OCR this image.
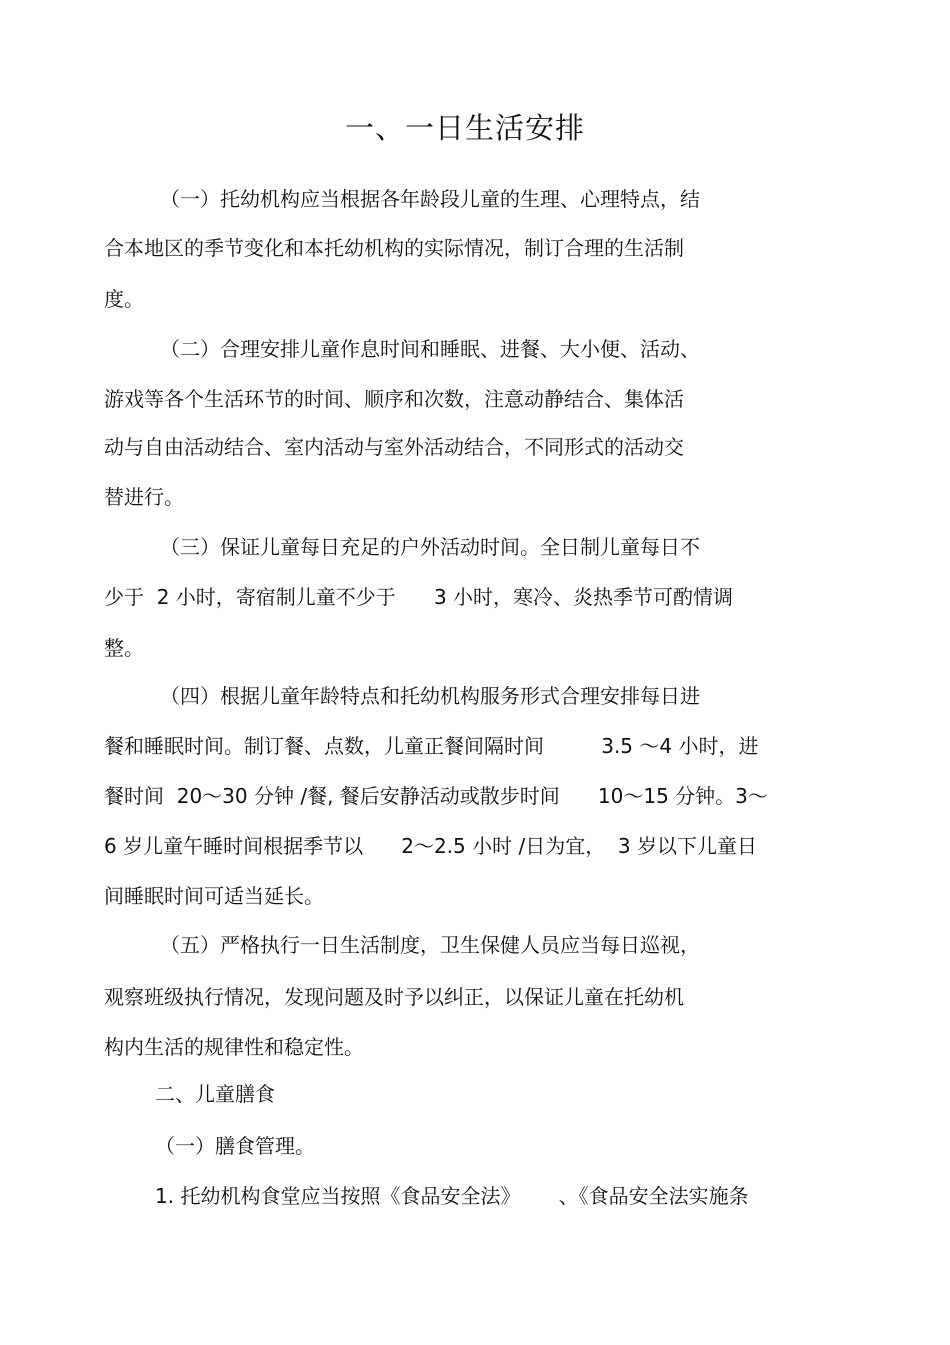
一、一日生活安排
（一）托幼机构应当根据各年龄段儿童的生理、心理特点，结
合本地区的季节变化和本托幼机构的实际情况，制订合理的生活制
度。
（二）合理安排儿童作息时间和睡眠、进餐、大小便、活动、
游戏等各个生活环节的时间、顺序和次数，注意动静结合、集体活
动与自由活动结合、室内活动与室外活动结合，不同形式的活动交
替进行。
（三）保证儿童每日充足的户外活动时间。全日制儿童每日不
少于  2 小时，寄宿制儿童不少于      3 小时，寒冷、炎热季节可酌情调
整。
（四）根据儿童年龄特点和托幼机构服务形式合理安排每日进
餐和睡眠时间。制订餐、点数，儿童正餐间隔时间         3.5 ～4 小时，进
餐时间  20～30 分钟 /餐, 餐后安静活动或散步时间      10～15 分钟。3～
6 岁儿童午睡时间根据季节以      2～2.5 小时 /日为宜，  3 岁以下儿童日
间睡眠时间可适当延长。
（五）严格执行一日生活制度，卫生保健人员应当每日巡视，
观察班级执行情况，发现问题及时予以纠正，以保证儿童在托幼机
构内生活的规律性和稳定性。
二、儿童膳食
（一）膳食管理。
1. 托幼机构食堂应当按照《食品安全法》      、《食品安全法实施条
